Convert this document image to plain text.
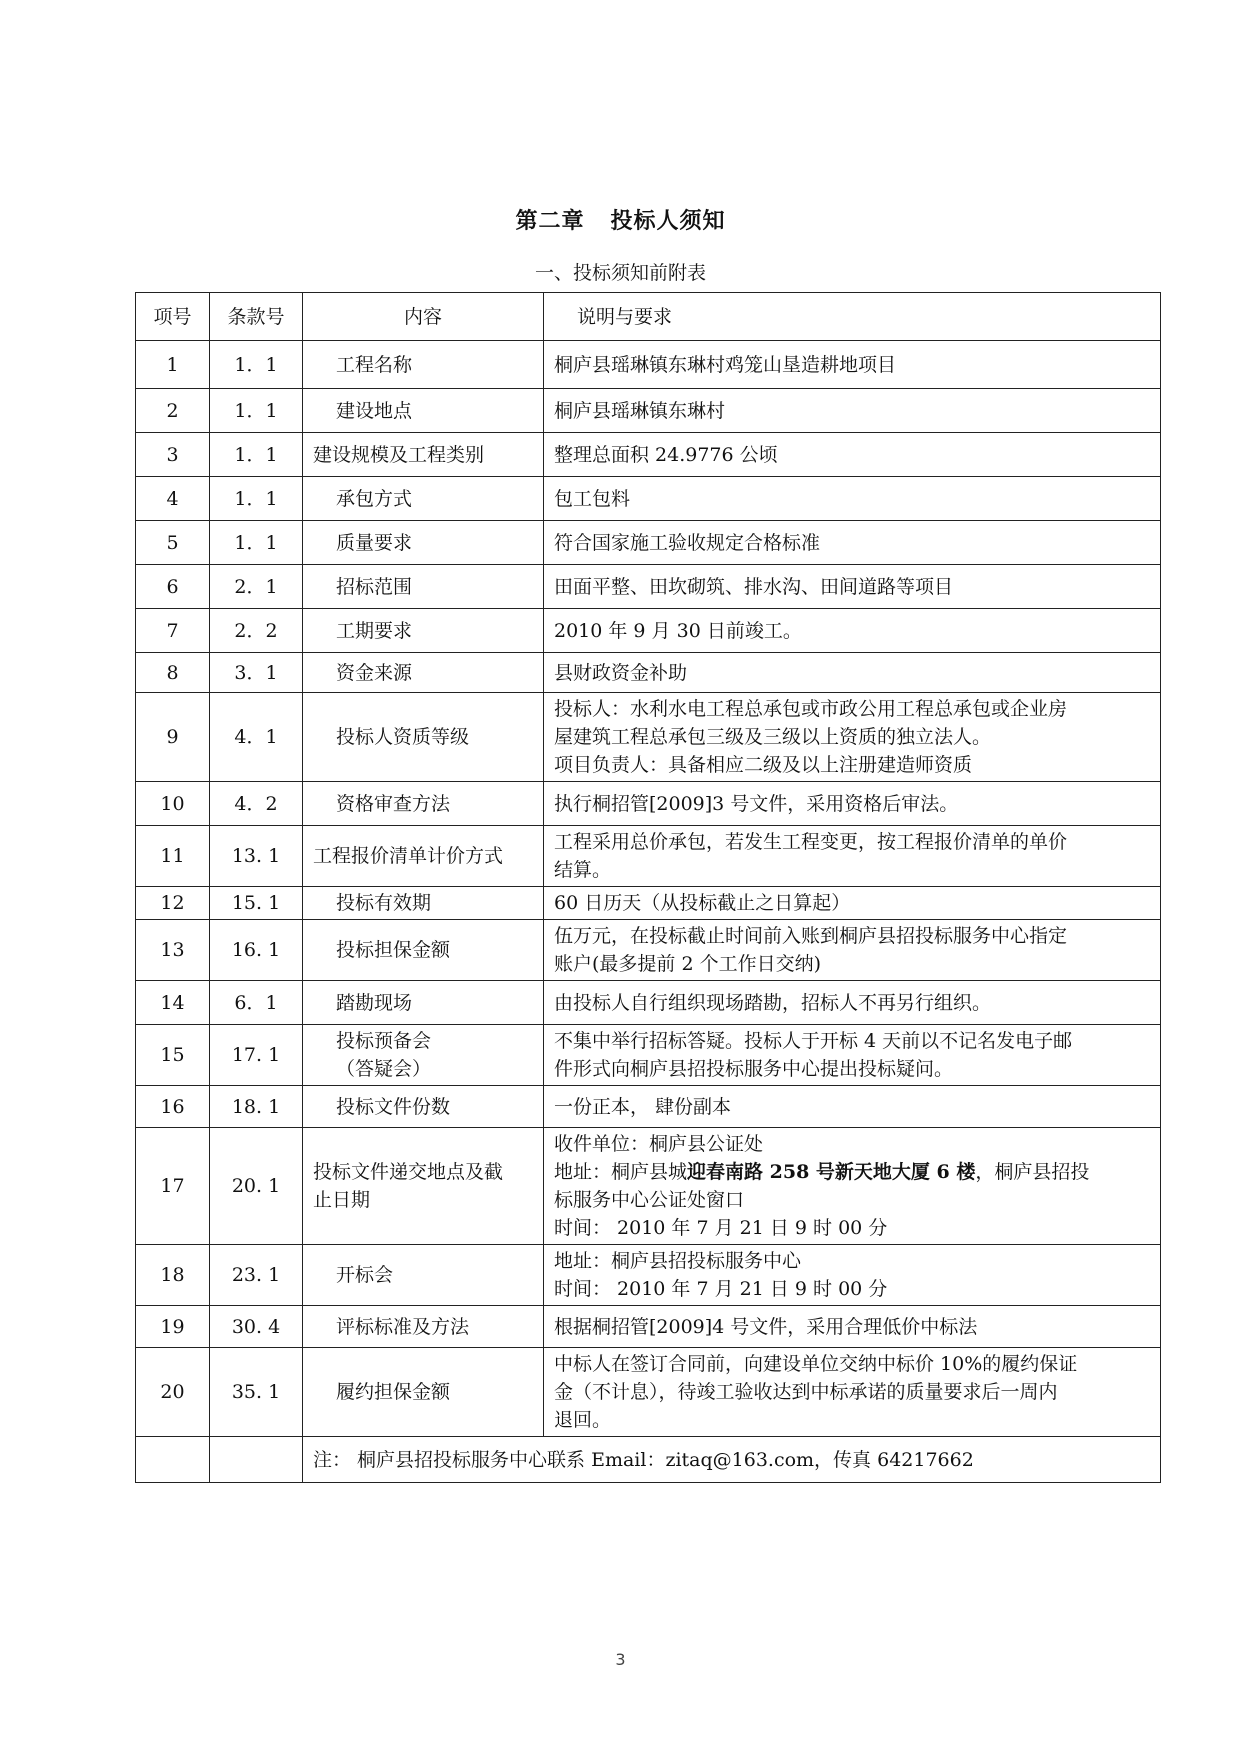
第二章 投标人须知
一、投标须知前附表
项号	条款号	内容	说明与要求
1	1．1	工程名称	桐庐县瑶琳镇东琳村鸡笼山垦造耕地项目

2	1．1	建设地点	桐庐县瑶琳镇东琳村

3	1．1	建设规模及工程类别	整理总面积 24.9776 公顷

4	1．1	承包方式	包工包料

5	1．1	质量要求	符合国家施工验收规定合格标准

6	2．1	招标范围	田面平整、田坎砌筑、排水沟、田间道路等项目

7	2．2	工期要求	2010 年 9 月 30 日前竣工。

8	3．1	资金来源	县财政资金补助

9	4．1	投标人资质等级	投标人：水利水电工程总承包或市政公用工程总承包或企业房
屋建筑工程总承包三级及三级以上资质的独立法人。
项目负责人：具备相应二级及以上注册建造师资质

10	4．2	资格审查方法	执行桐招管[2009]3 号文件，采用资格后审法。

11	13. 1	工程报价清单计价方式	工程采用总价承包，若发生工程变更，按工程报价清单的单价
结算。

12	15. 1	投标有效期	60 日历天（从投标截止之日算起）

13	16. 1	投标担保金额	伍万元，在投标截止时间前入账到桐庐县招投标服务中心指定
账户(最多提前 2 个工作日交纳)

14	6．1	踏勘现场	由投标人自行组织现场踏勘，招标人不再另行组织。

15	17. 1	投标预备会
（答疑会）	不集中举行招标答疑。投标人于开标 4 天前以不记名发电子邮
件形式向桐庐县招投标服务中心提出投标疑问。

16	18. 1	投标文件份数	一份正本， 肆份副本

17	20. 1	投标文件递交地点及截
止日期	收件单位：桐庐县公证处
地址：桐庐县城迎春南路 258 号新天地大厦 6 楼，桐庐县招投
标服务中心公证处窗口
时间： 2010 年 7 月 21 日 9 时 00 分

18	23. 1	开标会	地址：桐庐县招投标服务中心
时间： 2010 年 7 月 21 日 9 时 00 分

19	30. 4	评标标准及方法	根据桐招管[2009]4 号文件，采用合理低价中标法

20	35. 1	履约担保金额	中标人在签订合同前，向建设单位交纳中标价 10%的履约保证
金（不计息），待竣工验收达到中标承诺的质量要求后一周内
退回。

		注： 桐庐县招投标服务中心联系 Email：zitaq@163.com，传真 64217662	
3
